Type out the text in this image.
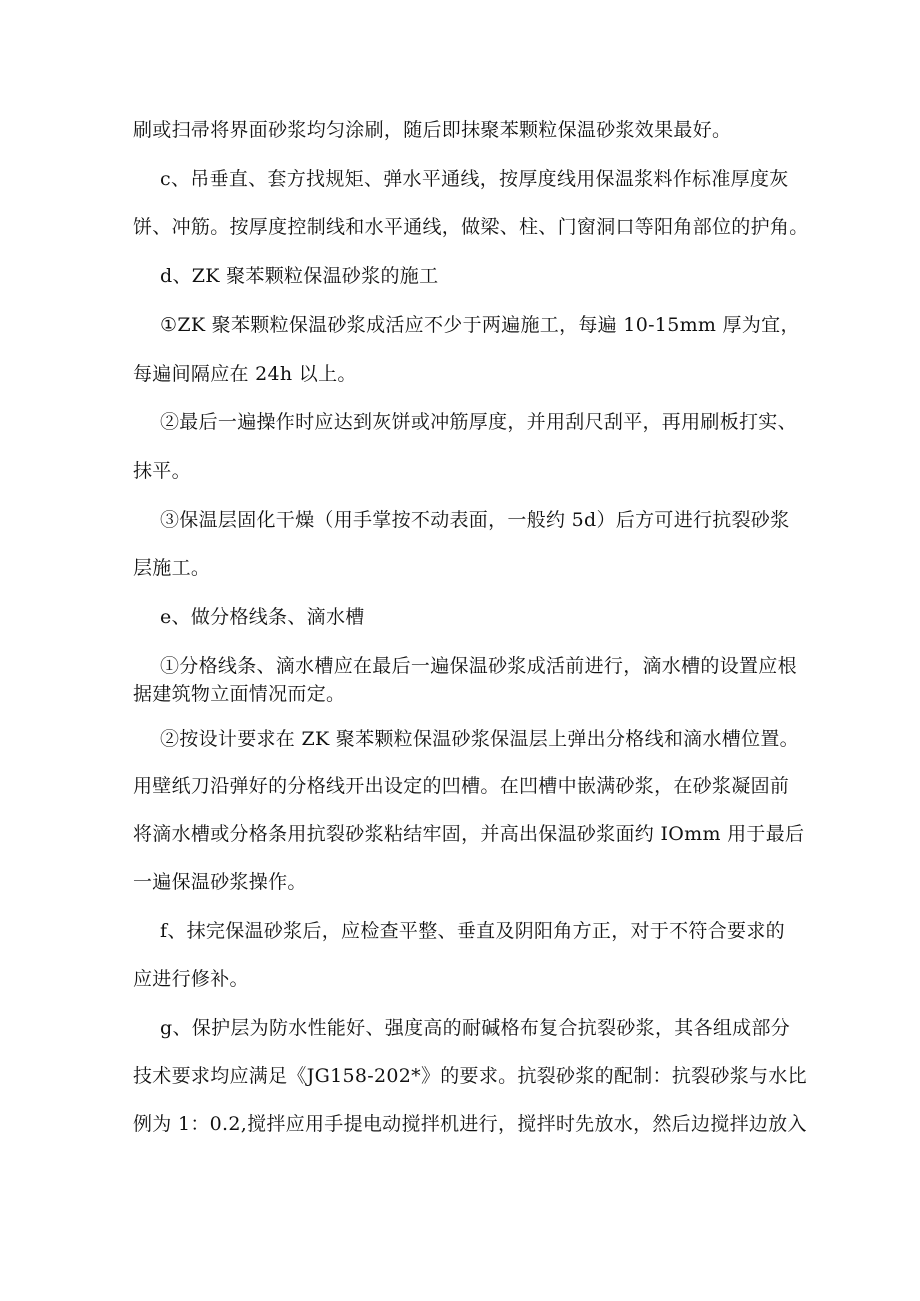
刷或扫帚将界面砂浆均匀涂刷，随后即抹聚苯颗粒保温砂浆效果最好。
c、吊垂直、套方找规矩、弹水平通线，按厚度线用保温浆料作标准厚度灰
饼、冲筋。按厚度控制线和水平通线，做梁、柱、门窗洞口等阳角部位的护角。
d、ZK 聚苯颗粒保温砂浆的施工
①ZK 聚苯颗粒保温砂浆成活应不少于两遍施工，每遍 10-15mm 厚为宜，
每遍间隔应在 24h 以上。
②最后一遍操作时应达到灰饼或冲筋厚度，并用刮尺刮平，再用刷板打实、
抹平。
③保温层固化干燥（用手掌按不动表面，一般约 5d）后方可进行抗裂砂浆
层施工。
e、做分格线条、滴水槽
①分格线条、滴水槽应在最后一遍保温砂浆成活前进行，滴水槽的设置应根
据建筑物立面情况而定。
②按设计要求在 ZK 聚苯颗粒保温砂浆保温层上弹出分格线和滴水槽位置。
用壁纸刀沿弹好的分格线开出设定的凹槽。在凹槽中嵌满砂浆，在砂浆凝固前
将滴水槽或分格条用抗裂砂浆粘结牢固，并高出保温砂浆面约 IOmm 用于最后
一遍保温砂浆操作。
f、抹完保温砂浆后，应检查平整、垂直及阴阳角方正，对于不符合要求的
应进行修补。
g、保护层为防水性能好、强度高的耐碱格布复合抗裂砂浆，其各组成部分
技术要求均应满足《JG158-202*》的要求。抗裂砂浆的配制：抗裂砂浆与水比
例为 1：0.2,搅拌应用手提电动搅拌机进行，搅拌时先放水，然后边搅拌边放入
